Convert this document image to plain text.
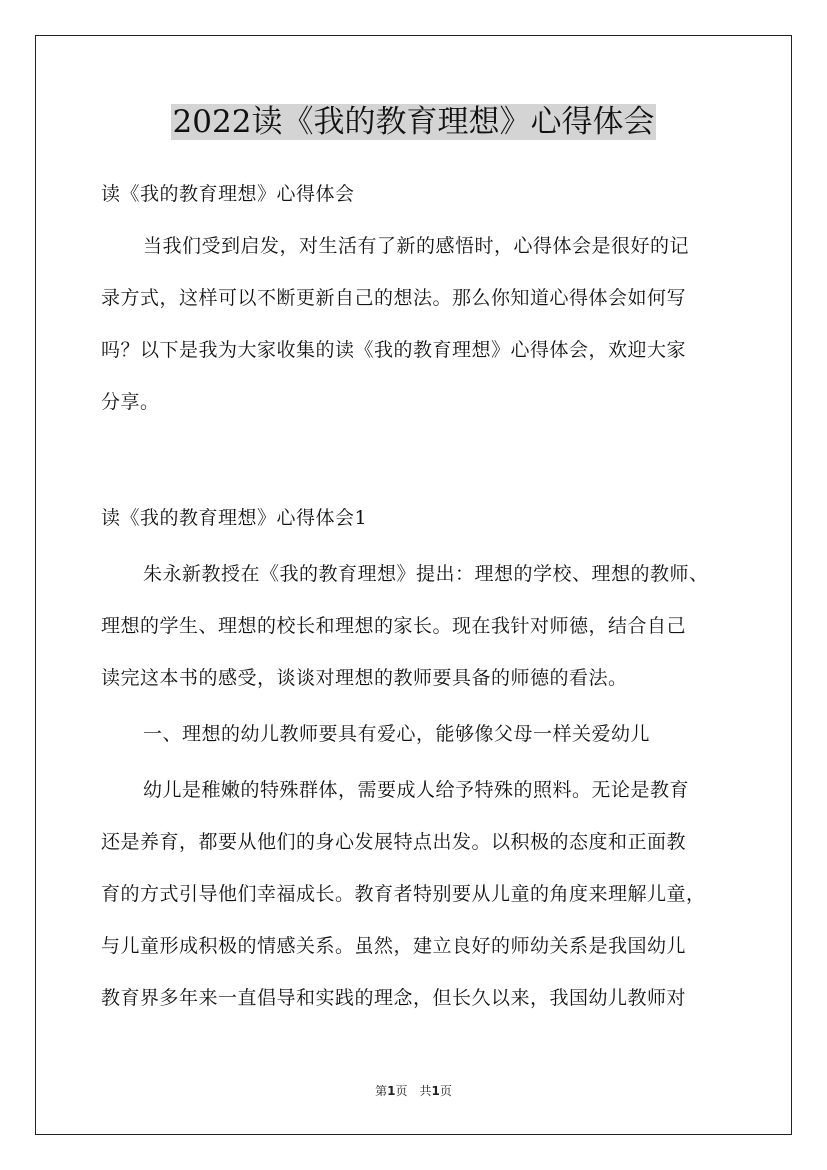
2022读《我的教育理想》心得体会
读《我的教育理想》心得体会
当我们受到启发，对生活有了新的感悟时，心得体会是很好的记
录方式，这样可以不断更新自己的想法。那么你知道心得体会如何写
吗？以下是我为大家收集的读《我的教育理想》心得体会，欢迎大家
分享。
读《我的教育理想》心得体会1
朱永新教授在《我的教育理想》提出：理想的学校、理想的教师、
理想的学生、理想的校长和理想的家长。现在我针对师德，结合自己
读完这本书的感受，谈谈对理想的教师要具备的师德的看法。
一、理想的幼儿教师要具有爱心，能够像父母一样关爱幼儿
幼儿是稚嫩的特殊群体，需要成人给予特殊的照料。无论是教育
还是养育，都要从他们的身心发展特点出发。以积极的态度和正面教
育的方式引导他们幸福成长。教育者特别要从儿童的角度来理解儿童，
与儿童形成积极的情感关系。虽然，建立良好的师幼关系是我国幼儿
教育界多年来一直倡导和实践的理念，但长久以来，我国幼儿教师对
第1页　共1页
